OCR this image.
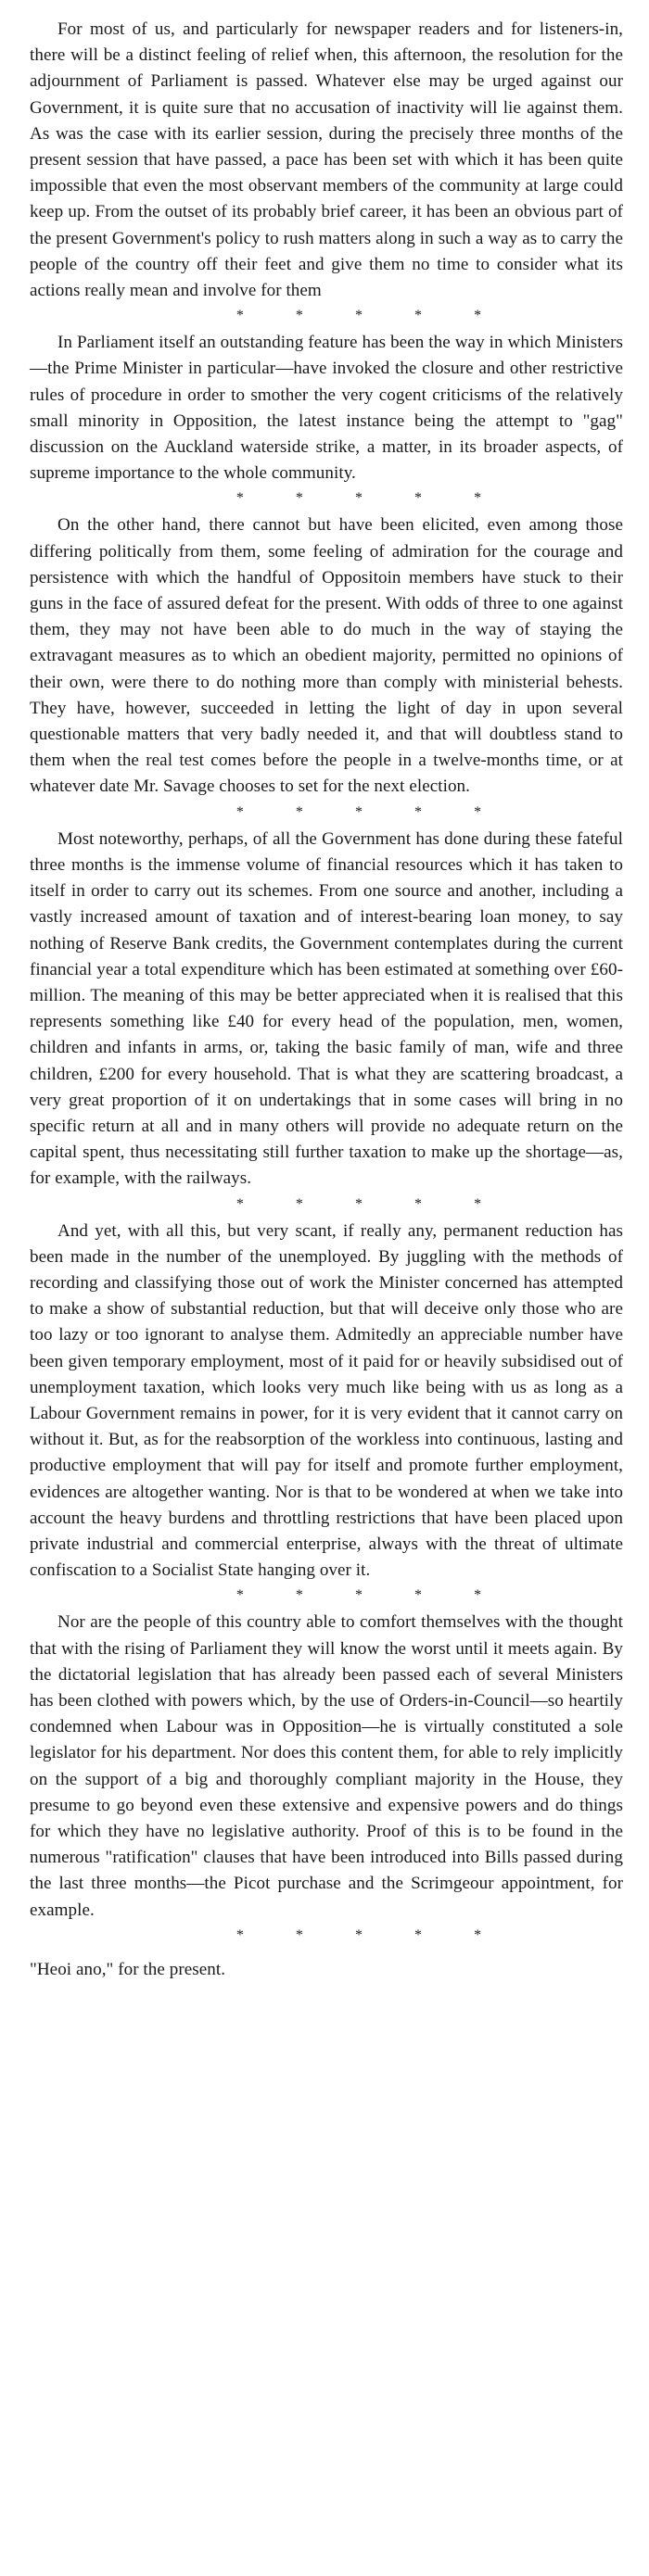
For most of us, and particularly for newspaper readers and for listeners-in, there will be a distinct feeling of relief when, this afternoon, the resolution for the adjournment of Parliament is passed. Whatever else may be urged against our Government, it is quite sure that no accusation of inactivity will lie against them. As was the case with its earlier session, during the precisely three months of the present session that have passed, a pace has been set with which it has been quite impossible that even the most observant members of the community at large could keep up. From the outset of its probably brief career, it has been an obvious part of the present Government's policy to rush matters along in such a way as to carry the people of the country off their feet and give them no time to consider what its actions really mean and involve for them

*	*	*	*	*

In Parliament itself an outstanding feature has been the way in which Ministers—the Prime Minister in particular—have invoked the closure and other restrictive rules of procedure in order to smother the very cogent criticisms of the relatively small minority in Opposition, the latest instance being the attempt to "gag" discussion on the Auckland waterside strike, a matter, in its broader aspects, of supreme importance to the whole community.

*	*	*	*	*

On the other hand, there cannot but have been elicited, even among those differing politically from them, some feeling of admiration for the courage and persistence with which the handful of Oppositoin members have stuck to their guns in the face of assured defeat for the present. With odds of three to one against them, they may not have been able to do much in the way of staying the extravagant measures as to which an obedient majority, permitted no opinions of their own, were there to do nothing more than comply with ministerial behests. They have, however, succeeded in letting the light of day in upon several questionable matters that very badly needed it, and that will doubtless stand to them when the real test comes before the people in a twelve-months time, or at whatever date Mr. Savage chooses to set for the next election.

*	*	*	*	*

Most noteworthy, perhaps, of all the Government has done during these fateful three months is the immense volume of financial resources which it has taken to itself in order to carry out its schemes. From one source and another, including a vastly increased amount of taxation and of interest-bearing loan money, to say nothing of Reserve Bank credits, the Government contemplates during the current financial year a total expenditure which has been estimated at something over £60-million. The meaning of this may be better appreciated when it is realised that this represents something like £40 for every head of the population, men, women, children and infants in arms, or, taking the basic family of man, wife and three children, £200 for every household. That is what they are scattering broadcast, a very great proportion of it on undertakings that in some cases will bring in no specific return at all and in many others will provide no adequate return on the capital spent, thus necessitating still further taxation to make up the shortage—as, for example, with the railways.

*	*	*	*	*

And yet, with all this, but very scant, if really any, permanent reduction has been made in the number of the unemployed. By juggling with the methods of recording and classifying those out of work the Minister concerned has attempted to make a show of substantial reduction, but that will deceive only those who are too lazy or too ignorant to analyse them. Admitedly an appreciable number have been given temporary employment, most of it paid for or heavily subsidised out of unemployment taxation, which looks very much like being with us as long as a Labour Government remains in power, for it is very evident that it cannot carry on without it. But, as for the reabsorption of the workless into continuous, lasting and productive employment that will pay for itself and promote further employment, evidences are altogether wanting. Nor is that to be wondered at when we take into account the heavy burdens and throttling restrictions that have been placed upon private industrial and commercial enterprise, always with the threat of ultimate confiscation to a Socialist State hanging over it.

*	*	*	*	*

Nor are the people of this country able to comfort themselves with the thought that with the rising of Parliament they will know the worst until it meets again. By the dictatorial legislation that has already been passed each of several Ministers has been clothed with powers which, by the use of Orders-in-Council—so heartily condemned when Labour was in Opposition—he is virtually constituted a sole legislator for his department. Nor does this content them, for able to rely implicitly on the support of a big and thoroughly compliant majority in the House, they presume to go beyond even these extensive and expensive powers and do things for which they have no legislative authority. Proof of this is to be found in the numerous "ratification" clauses that have been introduced into Bills passed during the last three months—the Picot purchase and the Scrimgeour appointment, for example.

*	*	*	*	*

"Heoi ano," for the present.
